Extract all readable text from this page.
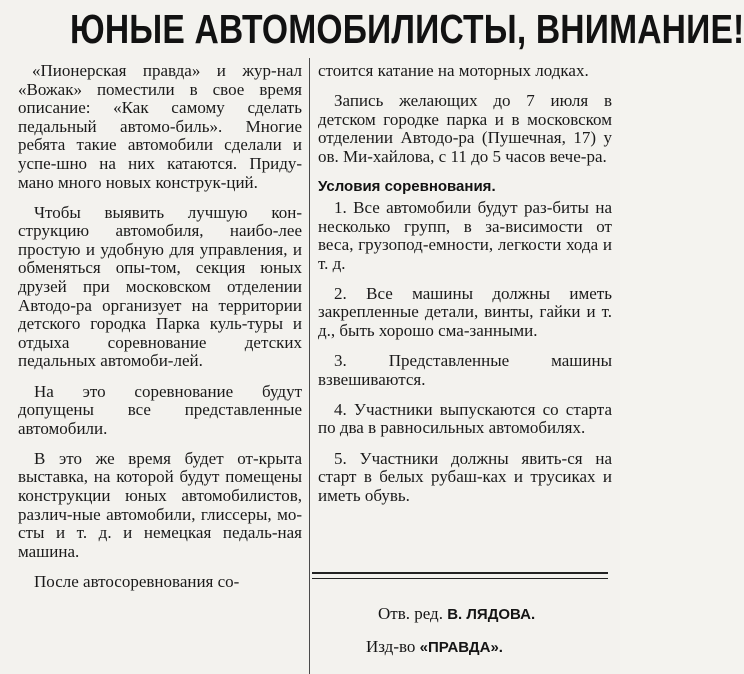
ЮНЫЕ АВТОМОБИЛИСТЫ, ВНИМАНИЕ!

«Пионерская правда» и жур-нал «Вожак» поместили в свое время описание: «Как самому сделать педальный автомо-биль». Многие ребята такие автомобили сделали и успе-шно на них катаются. Приду-мано много новых конструк-ций.

Чтобы выявить лучшую кон-струкцию автомобиля, наибо-лее простую и удобную для управления, и обменяться опы-том, секция юных друзей при московском отделении Автодо-ра организует на территории детского городка Парка куль-туры и отдыха соревнование детских педальных автомоби-лей.

На это соревнование будут допущены все представленные автомобили.

В это же время будет от-крыта выставка, на которой будут помещены конструкции юных автомобилистов, различ-ные автомобили, глиссеры, мо-сты и т. д. и немецкая педаль-ная машина.

После автосоревнования со-

стоится катание на моторных лодках.

Запись желающих до 7 июля в детском городке парка и в московском отделении Автодо-ра (Пушечная, 17) у ов. Ми-хайлова, с 11 до 5 часов вече-ра.

Условия соревнования.

1. Все автомобили будут раз-биты на несколько групп, в за-висимости от веса, грузопод-емности, легкости хода и т. д.

2. Все машины должны иметь закрепленные детали, винты, гайки и т. д., быть хорошо сма-занными.

3. Представленные машины взвешиваются.

4. Участники выпускаются со старта по два в равносильных автомобилях.

5. Участники должны явить-ся на старт в белых рубаш-ках и трусиках и иметь обувь.

Отв. ред. В. ЛЯДОВА.
Изд-во «ПРАВДА».
